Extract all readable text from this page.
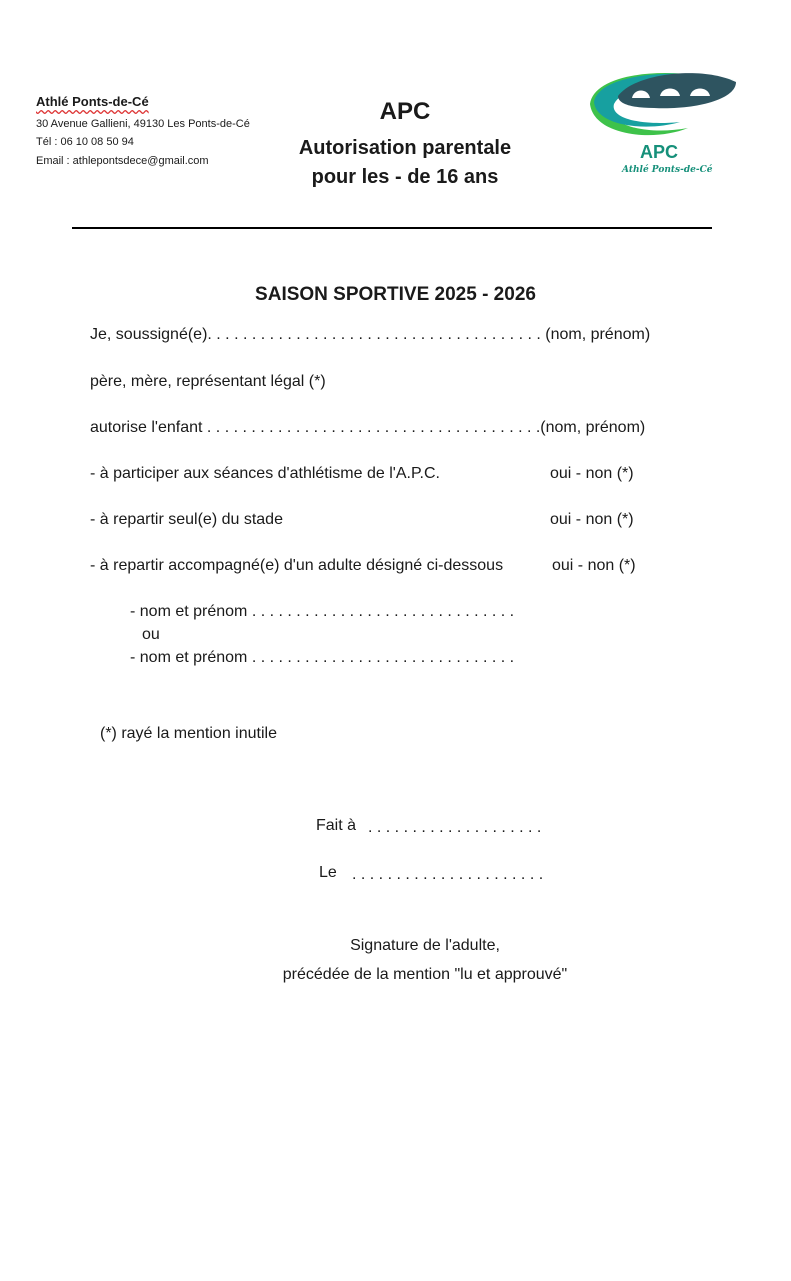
Athlé Ponts-de-Cé
30 Avenue Gallieni, 49130 Les Ponts-de-Cé
Tél : 06 10 08 50 94
Email : athlepontsdece@gmail.com
APC
Autorisation parentale
pour les - de 16 ans
APC
Athlé Ponts-de-Cé
SAISON SPORTIVE 2025 - 2026
Je, soussigné(e). . . . . . . . . . . . . . . . . . . . . . . . . . . . . . . . . . . . . . (nom, prénom)
père, mère, représentant légal (*)
autorise l'enfant . . . . . . . . . . . . . . . . . . . . . . . . . . . . . . . . . . . . . .(nom, prénom)
- à participer aux séances d'athlétisme de l'A.P.C.	oui - non (*)
- à repartir seul(e) du stade	oui - non (*)
- à repartir accompagné(e) d'un adulte désigné ci-dessous	oui - non (*)
- nom et prénom . . . . . . . . . . . . . . . . . . . . . . . . . . . . . .
ou
- nom et prénom . . . . . . . . . . . . . . . . . . . . . . . . . . . . . .
(*) rayé la mention inutile
Fait à . . . . . . . . . . . . . . . . . . . .
Le . . . . . . . . . . . . . . . . . . . . . .
Signature de l'adulte,
précédée de la mention "lu et approuvé"
